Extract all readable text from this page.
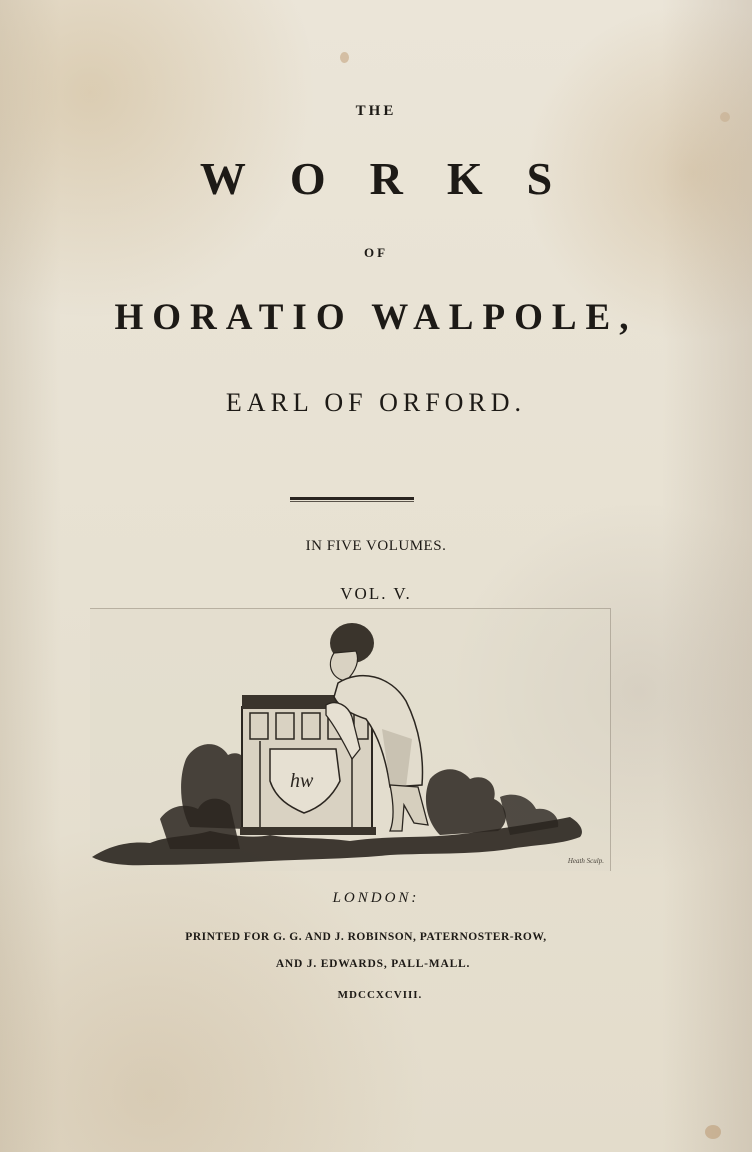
THE
WORKS
OF
HORATIO WALPOLE,
EARL OF ORFORD.
IN FIVE VOLUMES.
VOL. V.
hw
Heath Sculp.
LONDON:
PRINTED FOR G. G. AND J. ROBINSON, PATERNOSTER-ROW,
AND J. EDWARDS, PALL-MALL.
MDCCXCVIII.
